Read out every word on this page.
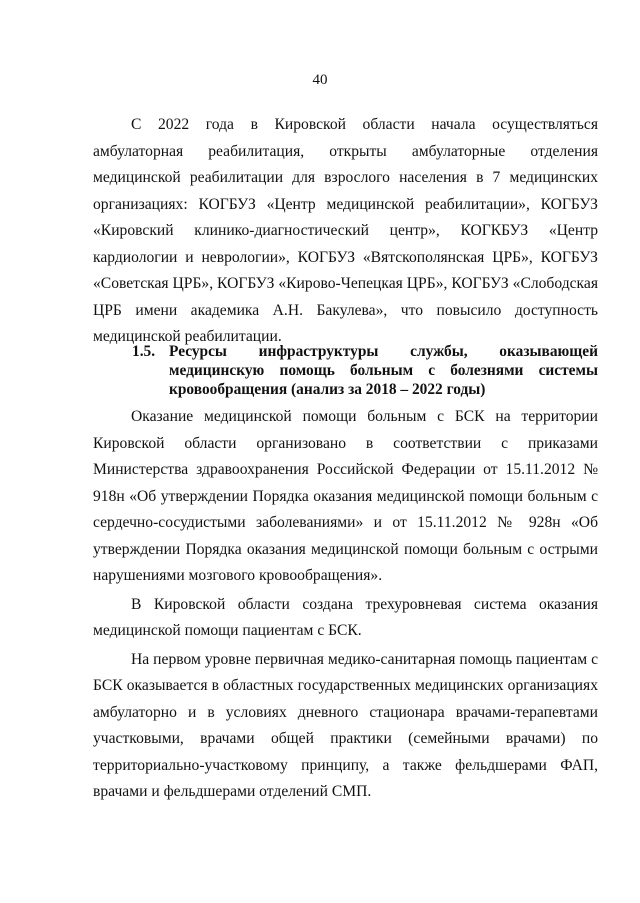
40

С 2022 года в Кировской области начала осуществляться амбулаторная реабилитация, открыты амбулаторные отделения медицинской реабилитации для взрослого населения в 7 медицинских организациях: КОГБУЗ «Центр медицинской реабилитации», КОГБУЗ «Кировский клинико-диагностический центр», КОГКБУЗ «Центр кардиологии и неврологии», КОГБУЗ «Вятскополянская ЦРБ», КОГБУЗ «Советская ЦРБ», КОГБУЗ «Кирово-Чепецкая ЦРБ», КОГБУЗ «Слободская ЦРБ имени академика А.Н. Бакулева», что повысило доступность медицинской реабилитации.

1.5. Ресурсы инфраструктуры службы, оказывающей медицинскую помощь больным с болезнями системы кровообращения (анализ за 2018 – 2022 годы)

Оказание медицинской помощи больным с БСК на территории Кировской области организовано в соответствии с приказами Министерства здравоохранения Российской Федерации от 15.11.2012 № 918н «Об утверждении Порядка оказания медицинской помощи больным с сердечно-сосудистыми заболеваниями» и от 15.11.2012 № 928н «Об утверждении Порядка оказания медицинской помощи больным с острыми нарушениями мозгового кровообращения».

В Кировской области создана трехуровневая система оказания медицинской помощи пациентам с БСК.

На первом уровне первичная медико-санитарная помощь пациентам с БСК оказывается в областных государственных медицинских организациях амбулаторно и в условиях дневного стационара врачами-терапевтами участковыми, врачами общей практики (семейными врачами) по территориально-участковому принципу, а также фельдшерами ФАП, врачами и фельдшерами отделений СМП.
